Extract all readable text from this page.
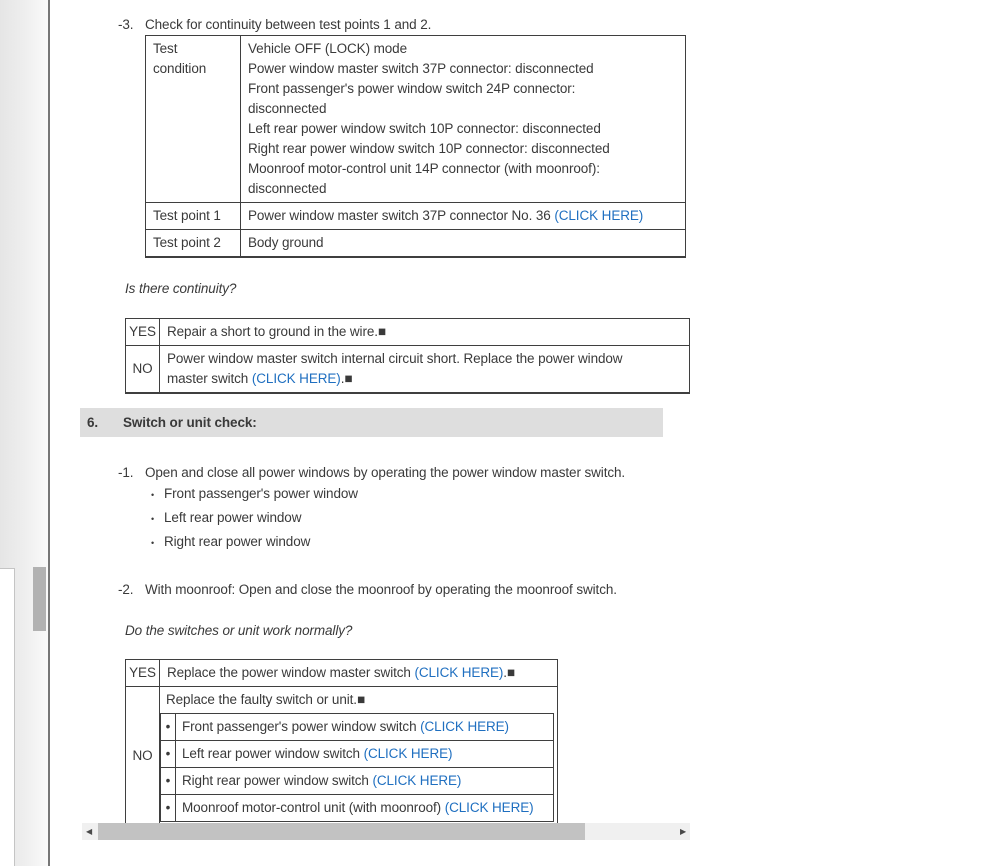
-3. Check for continuity between test points 1 and 2.
Test condition	
Vehicle OFF (LOCK) mode
Power window master switch 37P connector: disconnected
Front passenger's power window switch 24P connector:
disconnected
Left rear power window switch 10P connector: disconnected
Right rear power window switch 10P connector: disconnected
Moonroof motor-control unit 14P connector (with moonroof):
disconnected

Test point 1	Power window master switch 37P connector No. 36 (CLICK HERE)
Test point 2	Body ground
Is there continuity?
YES	Repair a short to ground in the wire.■
NO	Power window master switch internal circuit short. Replace the power window
master switch (CLICK HERE).■
6.	Switch or unit check:
-1. Open and close all power windows by operating the power window master switch.
• Front passenger's power window
• Left rear power window
• Right rear power window
-2. With moonroof: Open and close the moonroof by operating the moonroof switch.
Do the switches or unit work normally?
YES	Replace the power window master switch (CLICK HERE).■
NO	
Replace the faulty switch or unit.■
•	Front passenger's power window switch (CLICK HERE)
•	Left rear power window switch (CLICK HERE)
•	Right rear power window switch (CLICK HERE)
•	Moonroof motor-control unit (with moonroof) (CLICK HERE)
◀	▶
